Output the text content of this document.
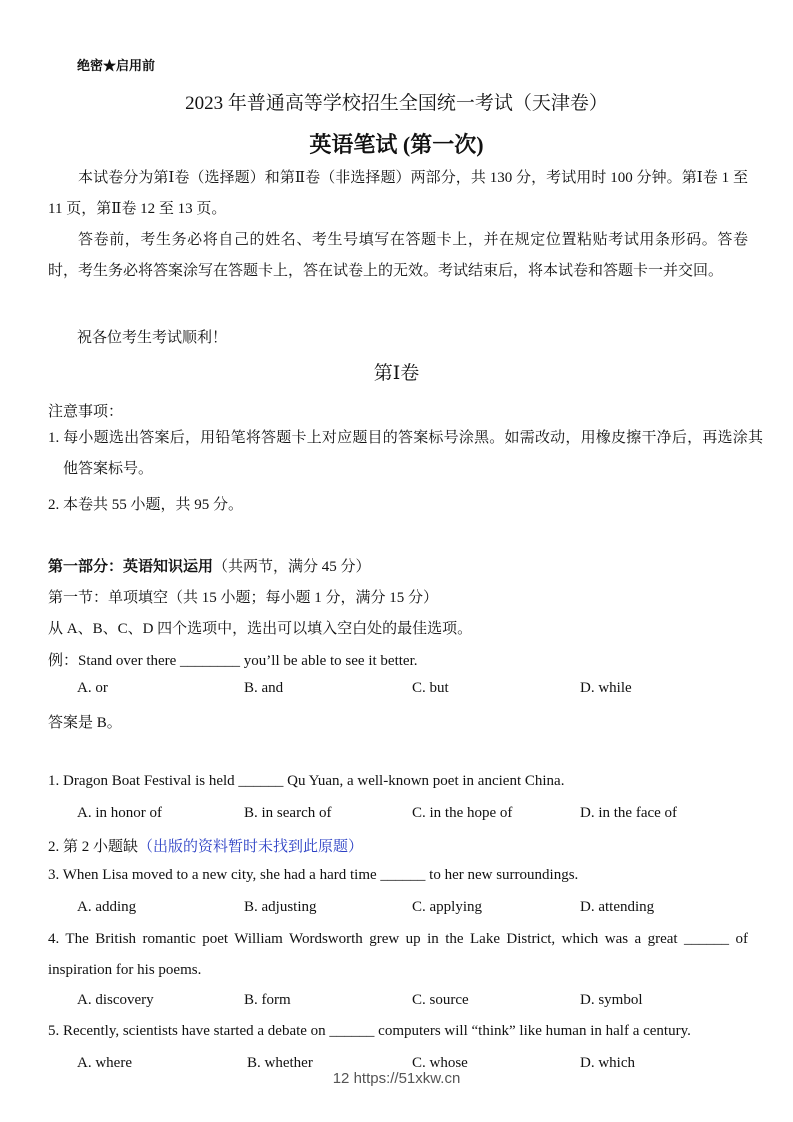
绝密★启用前
2023 年普通高等学校招生全国统一考试（天津卷）
英语笔试 (第一次)
本试卷分为第Ⅰ卷（选择题）和第Ⅱ卷（非选择题）两部分，共 130 分，考试用时 100 分钟。第Ⅰ卷 1 至 11 页，第Ⅱ卷 12 至 13 页。
答卷前，考生务必将自己的姓名、考生号填写在答题卡上，并在规定位置粘贴考试用条形码。答卷时，考生务必将答案涂写在答题卡上，答在试卷上的无效。考试结束后，将本试卷和答题卡一并交回。
祝各位考生考试顺利！
第Ⅰ卷
注意事项：
1. 每小题选出答案后，用铅笔将答题卡上对应题目的答案标号涂黑。如需改动，用橡皮擦干净后，再选涂其他答案标号。
2. 本卷共 55 小题，共 95 分。
第一部分：英语知识运用（共两节，满分 45 分）
第一节：单项填空（共 15 小题；每小题 1 分，满分 15 分）
从 A、B、C、D 四个选项中，选出可以填入空白处的最佳选项。
例：Stand over there ________ you’ll be able to see it better.
A. or	B. and	C. but	D. while
答案是 B。
1. Dragon Boat Festival is held ______ Qu Yuan, a well-known poet in ancient China.
A. in honor of	B. in search of	C. in the hope of	D. in the face of
2. 第 2 小题缺（出版的资料暂时未找到此原题）
3. When Lisa moved to a new city, she had a hard time ______ to her new surroundings.
A. adding	B. adjusting	C. applying	D. attending
4. The British romantic poet William Wordsworth grew up in the Lake District, which was a great ______ of inspiration for his poems.
A. discovery	B. form	C. source	D. symbol
5. Recently, scientists have started a debate on ______ computers will “think” like human in half a century.
A. where	B. whether	C. whose	D. which
12 https://51xkw.cn
